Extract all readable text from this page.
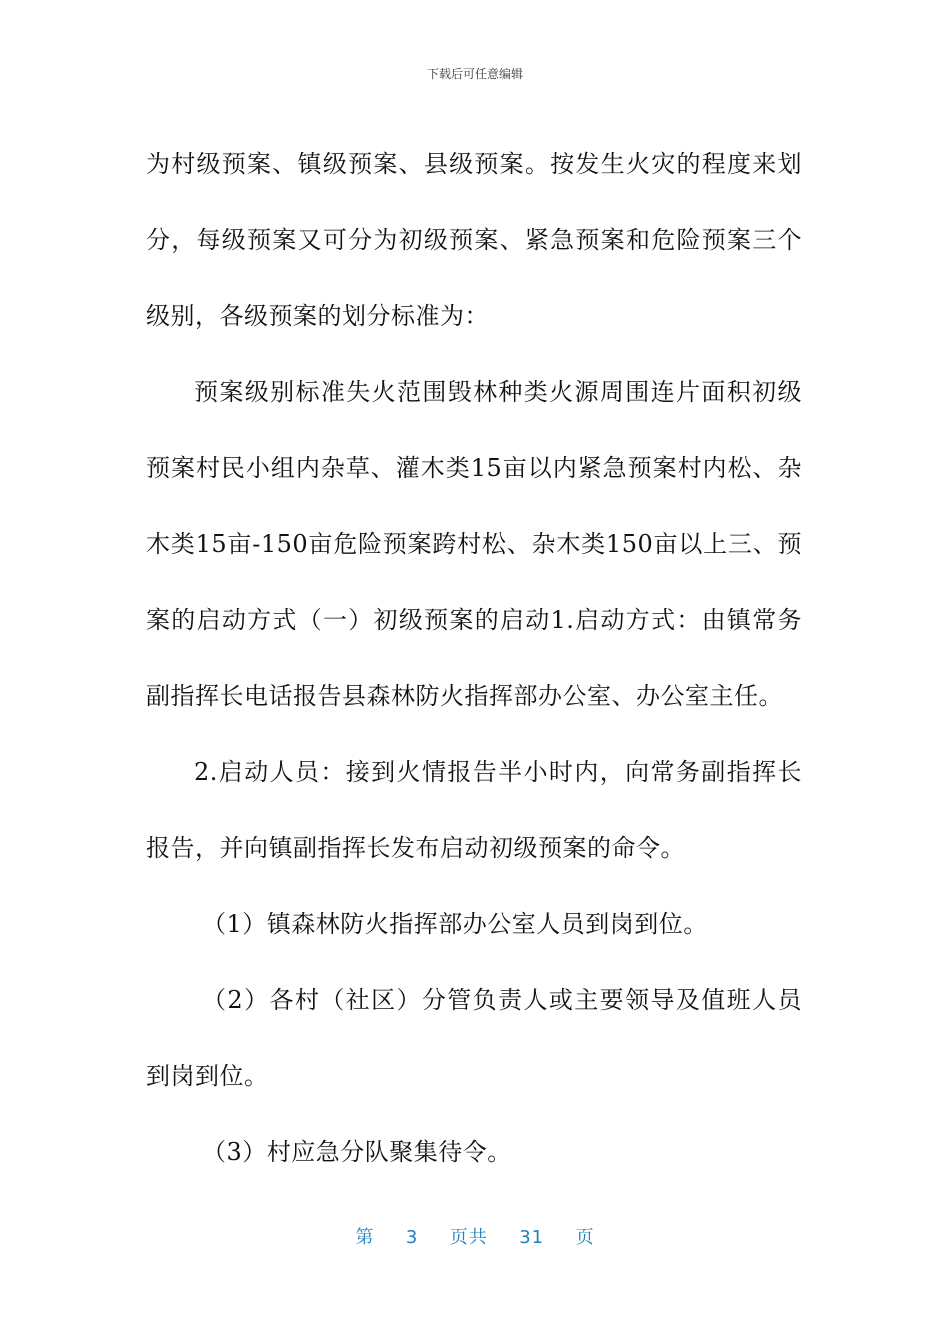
下载后可任意编辑

为村级预案、镇级预案、县级预案。按发生火灾的程度来划分，每级预案又可分为初级预案、紧急预案和危险预案三个级别，各级预案的划分标准为：

预案级别标准失火范围毁林种类火源周围连片面积初级预案村民小组内杂草、灌木类15亩以内紧急预案村内松、杂木类15亩-150亩危险预案跨村松、杂木类150亩以上三、预案的启动方式（一）初级预案的启动1.启动方式：由镇常务副指挥长电话报告县森林防火指挥部办公室、办公室主任。

2.启动人员：接到火情报告半小时内，向常务副指挥长报告，并向镇副指挥长发布启动初级预案的命令。

（1）镇森林防火指挥部办公室人员到岗到位。

（2）各村（社区）分管负责人或主要领导及值班人员到岗到位。

（3）村应急分队聚集待令。

第 3 页共 31 页
